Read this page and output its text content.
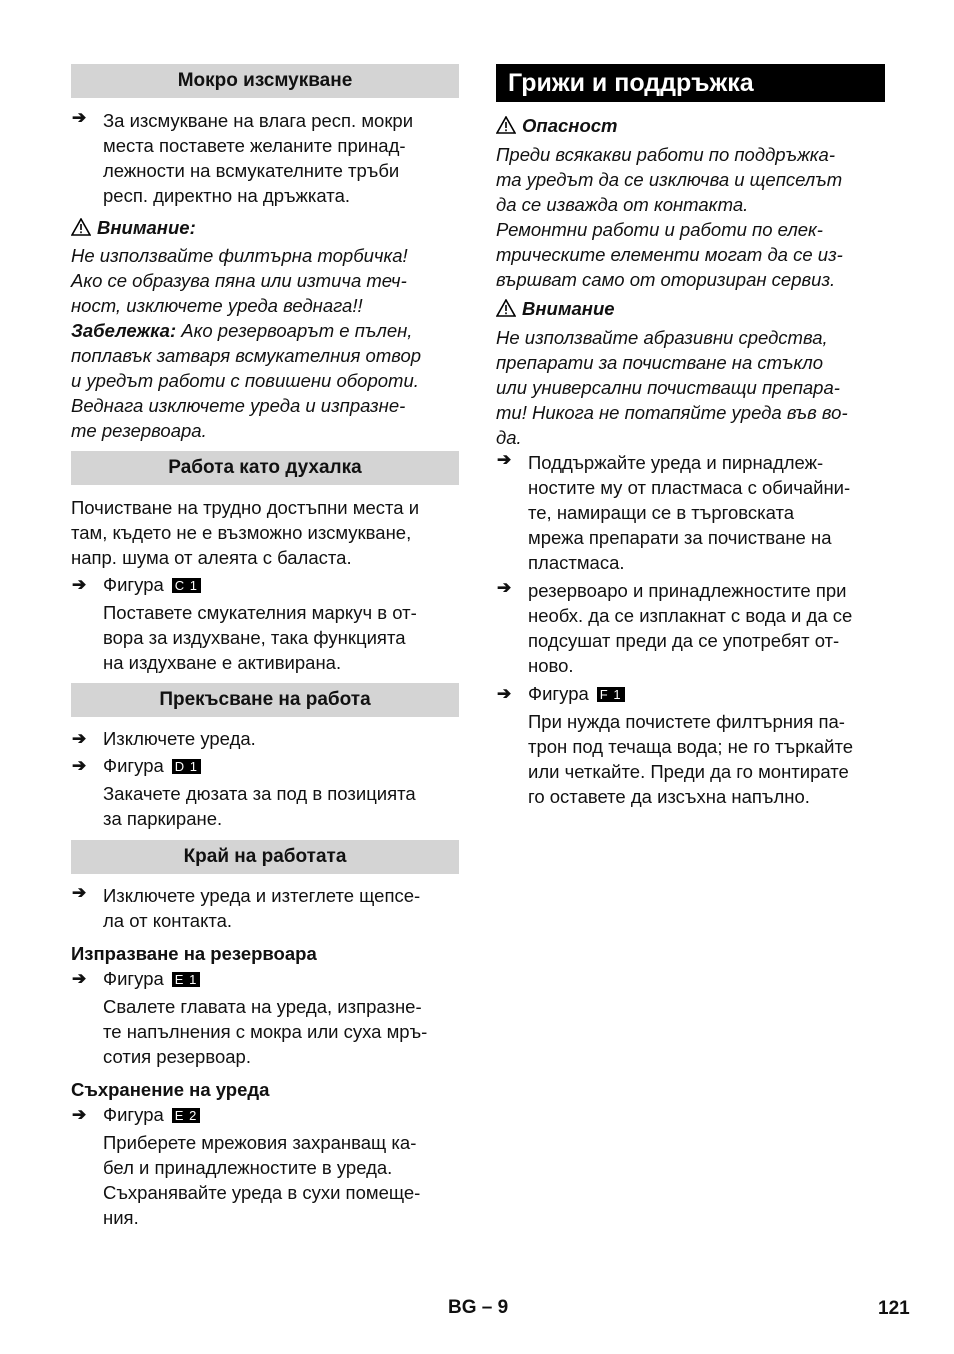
Мокро изсмукване
➔ За изсмукване на влага респ. мокри
места поставете желаните принад-
лежности на всмукателните тръби
респ. директно на дръжката.
Внимание:
Не използвайте филтърна торбичка!
Ако се образува пяна или изтича теч-
ност, изключете уреда веднага!!
Забележка: Ако резервоарът е пълен,
поплавък затваря всмукателния отвор
и уредът работи с повишени обороти.
Веднага изключете уреда и изпразне-
те резервоара.
Работа като духалка
Почистване на трудно достъпни места и
там, където не е възможно изсмукване,
напр. шума от алеята с баласта.
➔ Фигура C 1
Поставете смукателния маркуч в от-
вора за издухване, така функцията
на издухване е активирана.
Прекъсване на работа
➔ Изключете уреда.
➔ Фигура D 1
Закачете дюзата за под в позицията
за паркиране.
Край на работата
➔ Изключете уреда и изтеглете щепсе-
ла от контакта.
Изпразване на резервоара
➔ Фигура E 1
Свалете главата на уреда, изпразне-
те напълнения с мокра или суха мръ-
сотия резервоар.
Съхранение на уреда
➔ Фигура E 2
Приберете мрежовия захранващ ка-
бел и принадлежностите в уреда.
Съхранявайте уреда в сухи помеще-
ния.
Грижи и поддръжка
Опасност
Преди всякакви работи по поддръжка-
та уредът да се изключва и щепселът
да се изважда от контакта.
Ремонтни работи и работи по елек-
трическите елементи могат да се из-
вършват само от оторизиран сервиз.
Внимание
Не използвайте абразивни средства,
препарати за почистване на стъкло
или универсални почистващи препара-
ти! Никога не потапяйте уреда във во-
да.
➔ Поддържайте уреда и пирнадлеж-
ностите му от пластмаса с обичайни-
те, намиращи се в търговската
мрежа препарати за почистване на
пластмаса.
➔ резервоаро и принадлежностите при
необх. да се изплакнат с вода и да се
подсушат преди да се употребят от-
ново.
➔ Фигура F 1
При нужда почистете филтърния па-
трон под течаща вода; не го търкайте
или четкайте. Преди да го монтирате
го оставете да изсъхна напълно.
BG – 9	121
